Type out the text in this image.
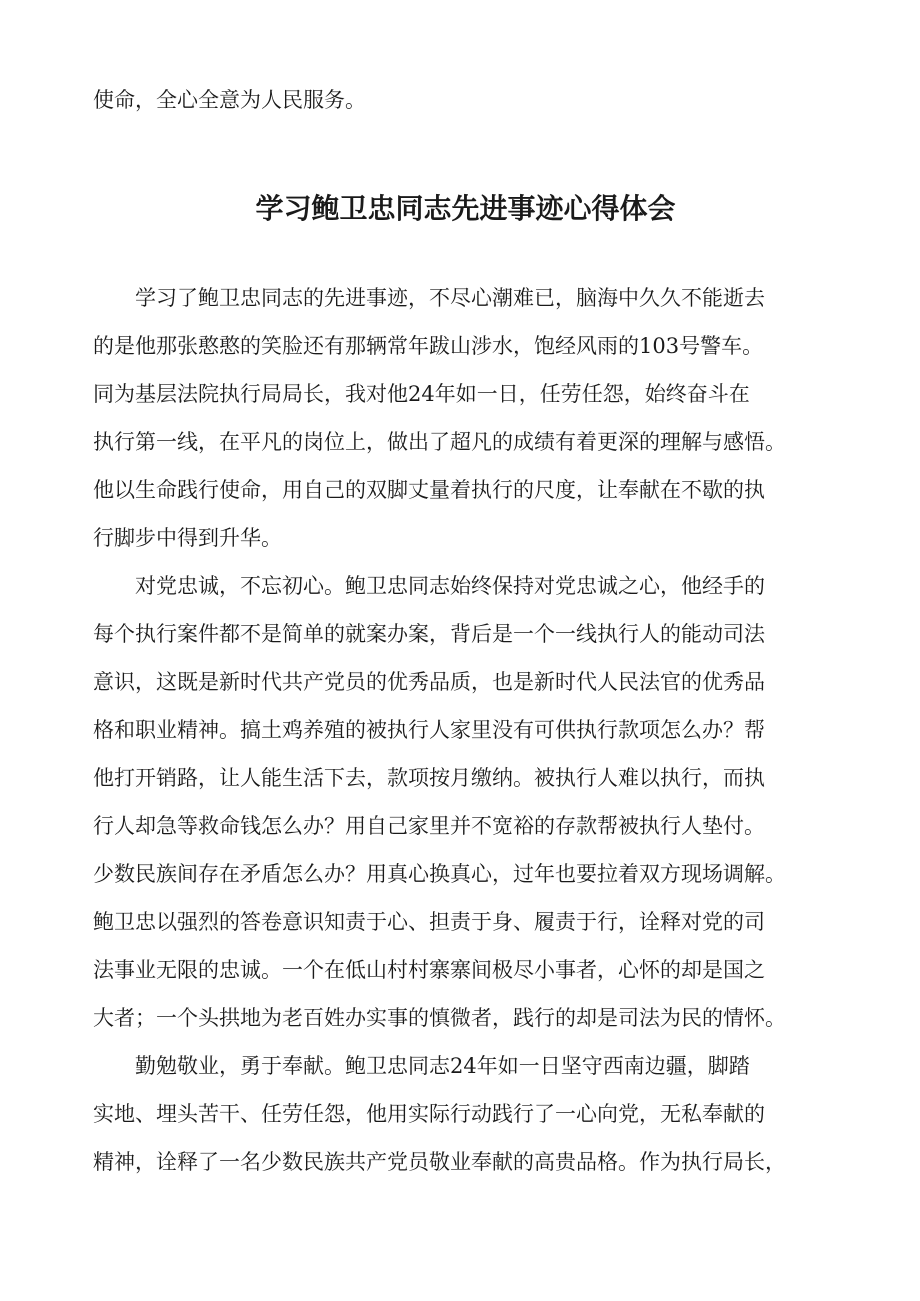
使命，全心全意为人民服务。
学习鲍卫忠同志先进事迹心得体会
　　学习了鲍卫忠同志的先进事迹，不尽心潮难已，脑海中久久不能逝去
的是他那张憨憨的笑脸还有那辆常年跋山涉水，饱经风雨的103号警车。
同为基层法院执行局局长，我对他24年如一日，任劳任怨，始终奋斗在
执行第一线，在平凡的岗位上，做出了超凡的成绩有着更深的理解与感悟。
他以生命践行使命，用自己的双脚丈量着执行的尺度，让奉献在不歇的执
行脚步中得到升华。
　　对党忠诚，不忘初心。鲍卫忠同志始终保持对党忠诚之心，他经手的
每个执行案件都不是简单的就案办案，背后是一个一线执行人的能动司法
意识，这既是新时代共产党员的优秀品质，也是新时代人民法官的优秀品
格和职业精神。搞土鸡养殖的被执行人家里没有可供执行款项怎么办？帮
他打开销路，让人能生活下去，款项按月缴纳。被执行人难以执行，而执
行人却急等救命钱怎么办？用自己家里并不宽裕的存款帮被执行人垫付。
少数民族间存在矛盾怎么办？用真心换真心，过年也要拉着双方现场调解。
鲍卫忠以强烈的答卷意识知责于心、担责于身、履责于行，诠释对党的司
法事业无限的忠诚。一个在低山村村寨寨间极尽小事者，心怀的却是国之
大者；一个头拱地为老百姓办实事的慎微者，践行的却是司法为民的情怀。
　　勤勉敬业，勇于奉献。鲍卫忠同志24年如一日坚守西南边疆，脚踏
实地、埋头苦干、任劳任怨，他用实际行动践行了一心向党，无私奉献的
精神，诠释了一名少数民族共产党员敬业奉献的高贵品格。作为执行局长，
